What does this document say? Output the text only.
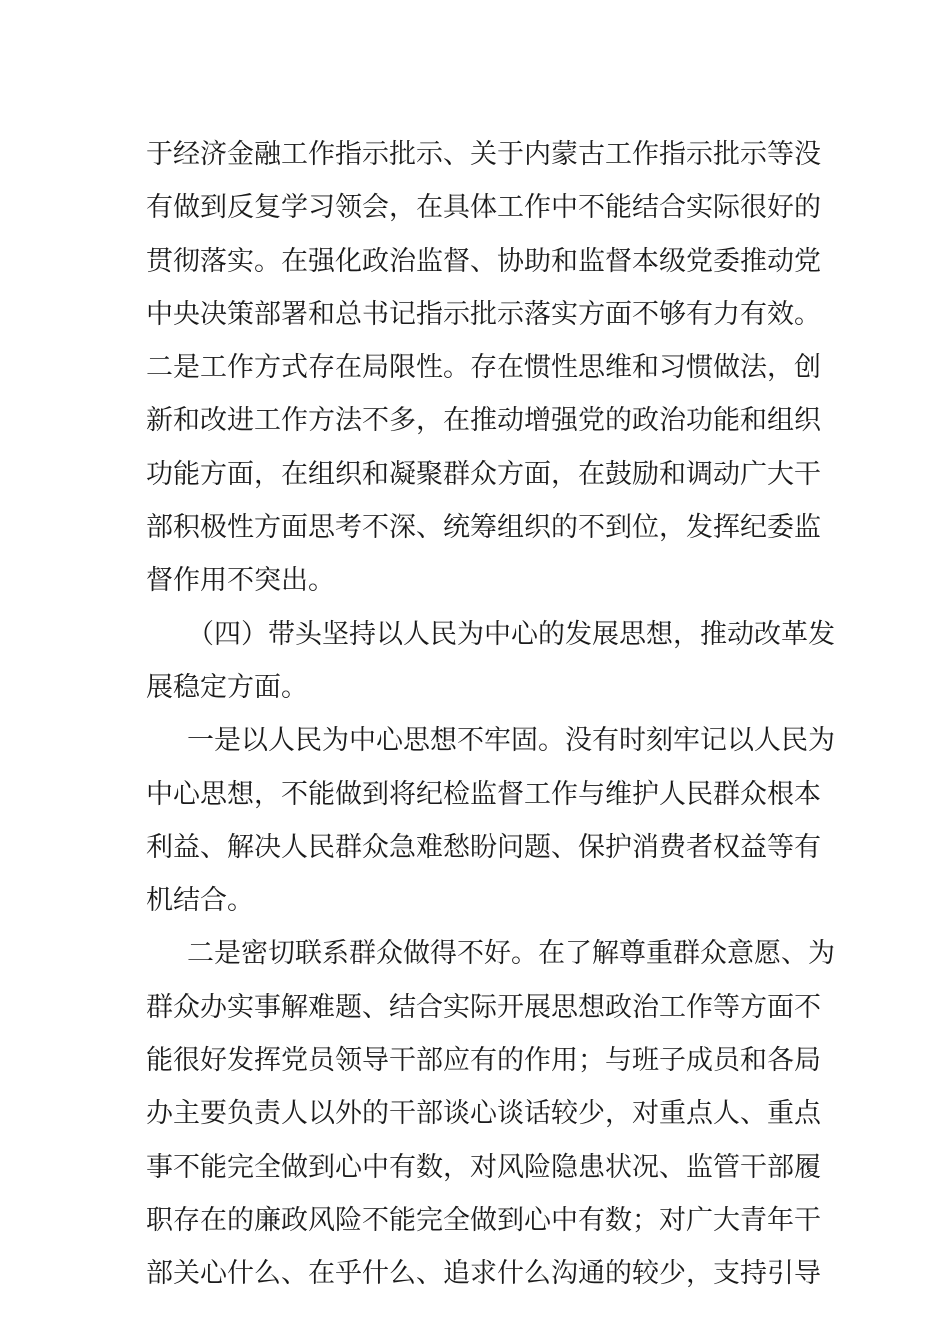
于经济金融工作指示批示、关于内蒙古工作指示批示等没
有做到反复学习领会，在具体工作中不能结合实际很好的
贯彻落实。在强化政治监督、协助和监督本级党委推动党
中央决策部署和总书记指示批示落实方面不够有力有效。
二是工作方式存在局限性。存在惯性思维和习惯做法，创
新和改进工作方法不多，在推动增强党的政治功能和组织
功能方面，在组织和凝聚群众方面，在鼓励和调动广大干
部积极性方面思考不深、统筹组织的不到位，发挥纪委监
督作用不突出。
（四）带头坚持以人民为中心的发展思想，推动改革发
展稳定方面。
一是以人民为中心思想不牢固。没有时刻牢记以人民为
中心思想，不能做到将纪检监督工作与维护人民群众根本
利益、解决人民群众急难愁盼问题、保护消费者权益等有
机结合。
二是密切联系群众做得不好。在了解尊重群众意愿、为
群众办实事解难题、结合实际开展思想政治工作等方面不
能很好发挥党员领导干部应有的作用；与班子成员和各局
办主要负责人以外的干部谈心谈话较少，对重点人、重点
事不能完全做到心中有数，对风险隐患状况、监管干部履
职存在的廉政风险不能完全做到心中有数；对广大青年干
部关心什么、在乎什么、追求什么沟通的较少，支持引导
